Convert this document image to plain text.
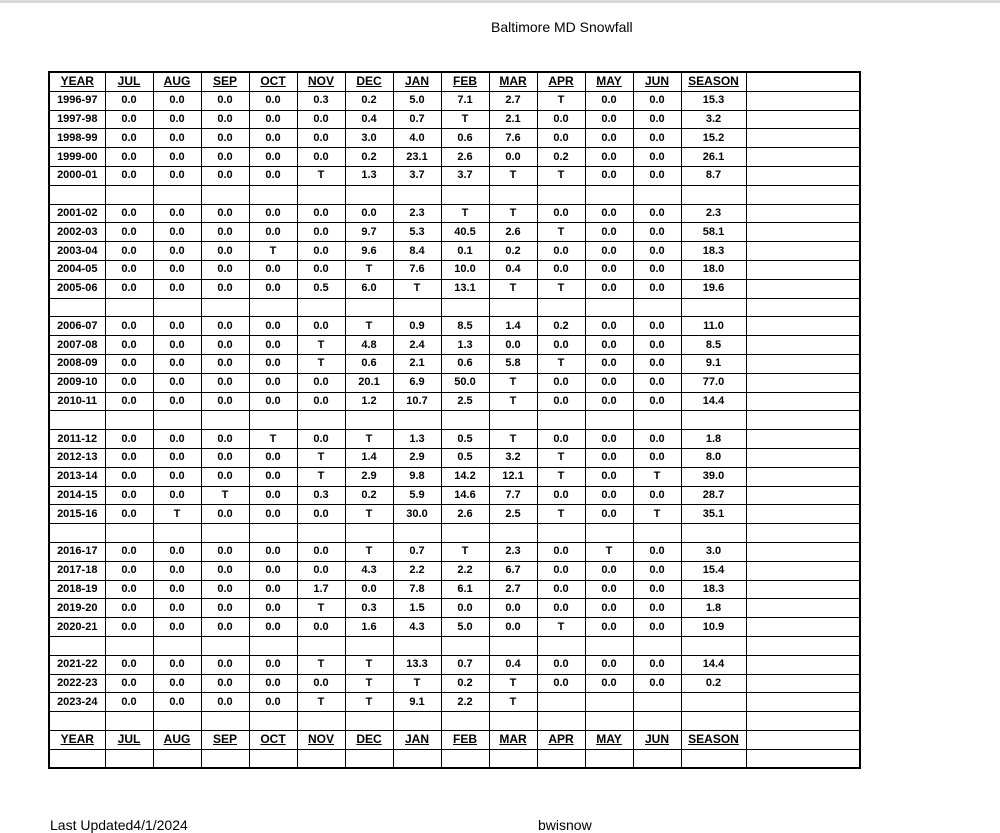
Baltimore MD Snowfall
YEAR	JUL	AUG	SEP	OCT	NOV	DEC	JAN	FEB	MAR	APR	MAY	JUN	SEASON	
1996-97	0.0	0.0	0.0	0.0	0.3	0.2	5.0	7.1	2.7	T	0.0	0.0	15.3	
1997-98	0.0	0.0	0.0	0.0	0.0	0.4	0.7	T	2.1	0.0	0.0	0.0	3.2	
1998-99	0.0	0.0	0.0	0.0	0.0	3.0	4.0	0.6	7.6	0.0	0.0	0.0	15.2	
1999-00	0.0	0.0	0.0	0.0	0.0	0.2	23.1	2.6	0.0	0.2	0.0	0.0	26.1	
2000-01	0.0	0.0	0.0	0.0	T	1.3	3.7	3.7	T	T	0.0	0.0	8.7	

2001-02	0.0	0.0	0.0	0.0	0.0	0.0	2.3	T	T	0.0	0.0	0.0	2.3	
2002-03	0.0	0.0	0.0	0.0	0.0	9.7	5.3	40.5	2.6	T	0.0	0.0	58.1	
2003-04	0.0	0.0	0.0	T	0.0	9.6	8.4	0.1	0.2	0.0	0.0	0.0	18.3	
2004-05	0.0	0.0	0.0	0.0	0.0	T	7.6	10.0	0.4	0.0	0.0	0.0	18.0	
2005-06	0.0	0.0	0.0	0.0	0.5	6.0	T	13.1	T	T	0.0	0.0	19.6	

2006-07	0.0	0.0	0.0	0.0	0.0	T	0.9	8.5	1.4	0.2	0.0	0.0	11.0	
2007-08	0.0	0.0	0.0	0.0	T	4.8	2.4	1.3	0.0	0.0	0.0	0.0	8.5	
2008-09	0.0	0.0	0.0	0.0	T	0.6	2.1	0.6	5.8	T	0.0	0.0	9.1	
2009-10	0.0	0.0	0.0	0.0	0.0	20.1	6.9	50.0	T	0.0	0.0	0.0	77.0	
2010-11	0.0	0.0	0.0	0.0	0.0	1.2	10.7	2.5	T	0.0	0.0	0.0	14.4	

2011-12	0.0	0.0	0.0	T	0.0	T	1.3	0.5	T	0.0	0.0	0.0	1.8	
2012-13	0.0	0.0	0.0	0.0	T	1.4	2.9	0.5	3.2	T	0.0	0.0	8.0	
2013-14	0.0	0.0	0.0	0.0	T	2.9	9.8	14.2	12.1	T	0.0	T	39.0	
2014-15	0.0	0.0	T	0.0	0.3	0.2	5.9	14.6	7.7	0.0	0.0	0.0	28.7	
2015-16	0.0	T	0.0	0.0	0.0	T	30.0	2.6	2.5	T	0.0	T	35.1	

2016-17	0.0	0.0	0.0	0.0	0.0	T	0.7	T	2.3	0.0	T	0.0	3.0	
2017-18	0.0	0.0	0.0	0.0	0.0	4.3	2.2	2.2	6.7	0.0	0.0	0.0	15.4	
2018-19	0.0	0.0	0.0	0.0	1.7	0.0	7.8	6.1	2.7	0.0	0.0	0.0	18.3	
2019-20	0.0	0.0	0.0	0.0	T	0.3	1.5	0.0	0.0	0.0	0.0	0.0	1.8	
2020-21	0.0	0.0	0.0	0.0	0.0	1.6	4.3	5.0	0.0	T	0.0	0.0	10.9	

2021-22	0.0	0.0	0.0	0.0	T	T	13.3	0.7	0.4	0.0	0.0	0.0	14.4	
2022-23	0.0	0.0	0.0	0.0	0.0	T	T	0.2	T	0.0	0.0	0.0	0.2	
2023-24	0.0	0.0	0.0	0.0	T	T	9.1	2.2	T					

YEAR	JUL	AUG	SEP	OCT	NOV	DEC	JAN	FEB	MAR	APR	MAY	JUN	SEASON	

Last Updated4/1/2024	bwisnow
